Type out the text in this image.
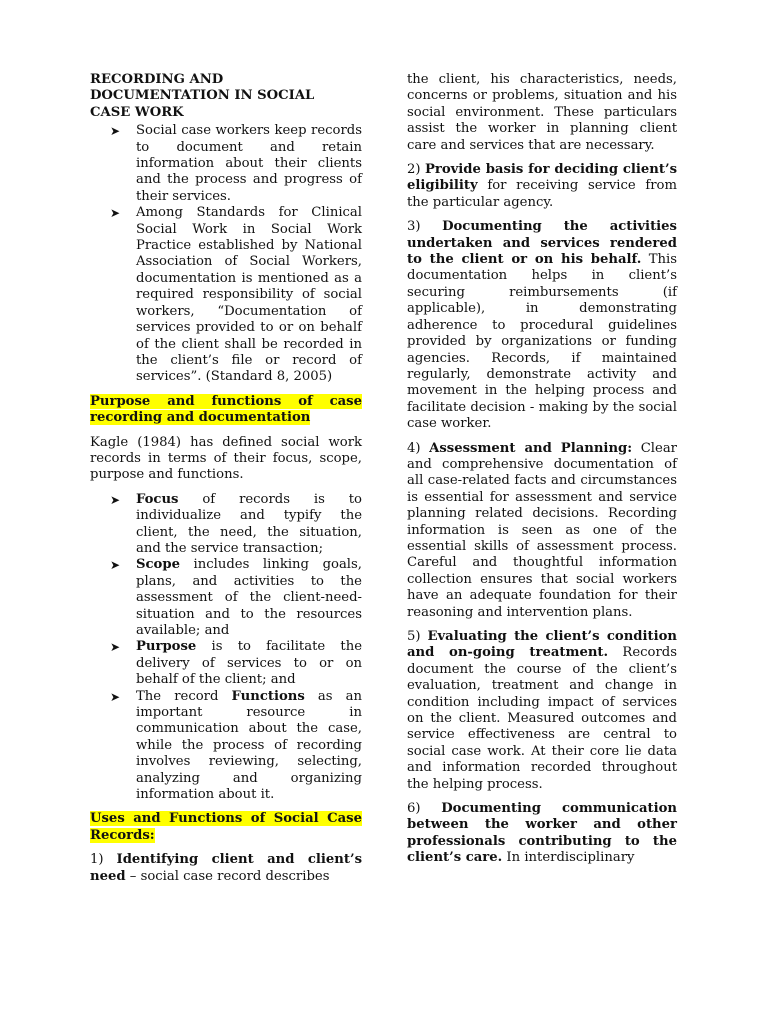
RECORDING AND DOCUMENTATION IN SOCIAL CASE WORK
➤ Social case workers keep records to document and retain information about their clients and the process and progress of their services.
➤ Among Standards for Clinical Social Work in Social Work Practice established by National Association of Social Workers, documentation is mentioned as a required responsibility of social workers, “Documentation of services provided to or on behalf of the client shall be recorded in the client’s file or record of services”. (Standard 8, 2005)
Purpose and functions of case recording and documentation
Kagle (1984) has defined social work records in terms of their focus, scope, purpose and functions.
➤ Focus of records is to individualize and typify the client, the need, the situation, and the service transaction;
➤ Scope includes linking goals, plans, and activities to the assessment of the client-need-situation and to the resources available; and
➤ Purpose is to facilitate the delivery of services to or on behalf of the client; and
➤ The record Functions as an important resource in communication about the case, while the process of recording involves reviewing, selecting, analyzing and organizing information about it.
Uses and Functions of Social Case Records:
1) Identifying client and client’s need – social case record describes
the client, his characteristics, needs, concerns or problems, situation and his social environment. These particulars assist the worker in planning client care and services that are necessary.
2) Provide basis for deciding client’s eligibility for receiving service from the particular agency.
3) Documenting the activities undertaken and services rendered to the client or on his behalf. This documentation helps in client’s securing reimbursements (if applicable), in demonstrating adherence to procedural guidelines provided by organizations or funding agencies. Records, if maintained regularly, demonstrate activity and movement in the helping process and facilitate decision - making by the social case worker.
4) Assessment and Planning: Clear and comprehensive documentation of all case-related facts and circumstances is essential for assessment and service planning related decisions. Recording information is seen as one of the essential skills of assessment process. Careful and thoughtful information collection ensures that social workers have an adequate foundation for their reasoning and intervention plans.
5) Evaluating the client’s condition and on-going treatment. Records document the course of the client’s evaluation, treatment and change in condition including impact of services on the client. Measured outcomes and service effectiveness are central to social case work. At their core lie data and information recorded throughout the helping process.
6) Documenting communication between the worker and other professionals contributing to the client’s care. In interdisciplinary
